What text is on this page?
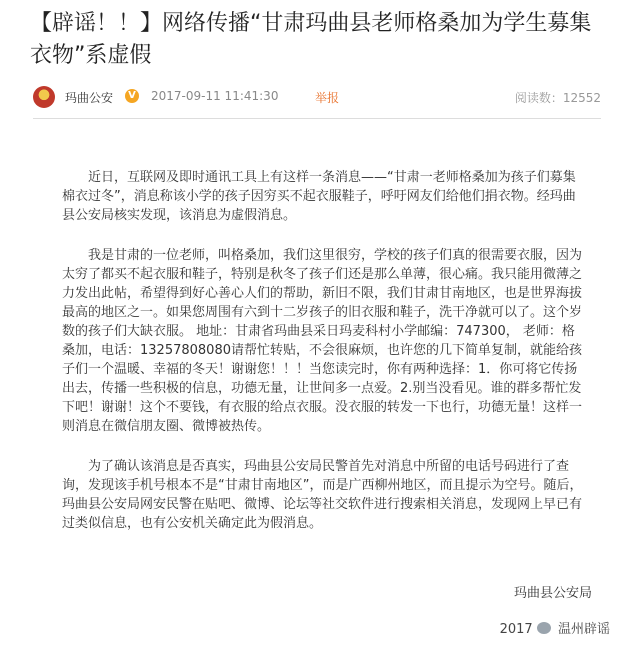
【辟谣！！】网络传播“甘肃玛曲县老师格桑加为学生募集衣物”系虚假
玛曲公安	V 2017-09-11 11:41:30	举报	阅读数：12552

近日，互联网及即时通讯工具上有这样一条消息——“甘肃一老师格桑加为孩子们募集棉衣过冬”，消息称该小学的孩子因穷买不起衣服鞋子，呼吁网友们给他们捐衣物。经玛曲县公安局核实发现，该消息为虚假消息。

我是甘肃的一位老师，叫格桑加，我们这里很穷，学校的孩子们真的很需要衣服，因为太穷了都买不起衣服和鞋子，特别是秋冬了孩子们还是那么单薄，很心痛。我只能用微薄之力发出此帖，希望得到好心善心人们的帮助，新旧不限，我们甘肃甘南地区，也是世界海拔最高的地区之一。如果您周围有六到十二岁孩子的旧衣服和鞋子，洗干净就可以了。这个岁数的孩子们大缺衣服。 地址：甘肃省玛曲县采日玛麦科村小学邮编：747300， 老师：格桑加，电话：13257808080请帮忙转贴，不会很麻烦，也许您的几下简单复制，就能给孩子们一个温暖、幸福的冬天！谢谢您！！！当您读完时，你有两种选择：1．你可将它传扬出去，传播一些积极的信息，功德无量，让世间多一点爱。2.别当没看见。谁的群多帮忙发下吧！谢谢！这个不要钱，有衣服的给点衣服。没衣服的转发一下也行，功德无量！这样一则消息在微信朋友圈、微博被热传。

为了确认该消息是否真实，玛曲县公安局民警首先对消息中所留的电话号码进行了查询，发现该手机号根本不是“甘肃甘南地区”，而是广西柳州地区，而且提示为空号。随后，玛曲县公安局网安民警在贴吧、微博、论坛等社交软件进行搜索相关消息，发现网上早已有过类似信息，也有公安机关确定此为假消息。

玛曲县公安局
2017 温州辟谣
